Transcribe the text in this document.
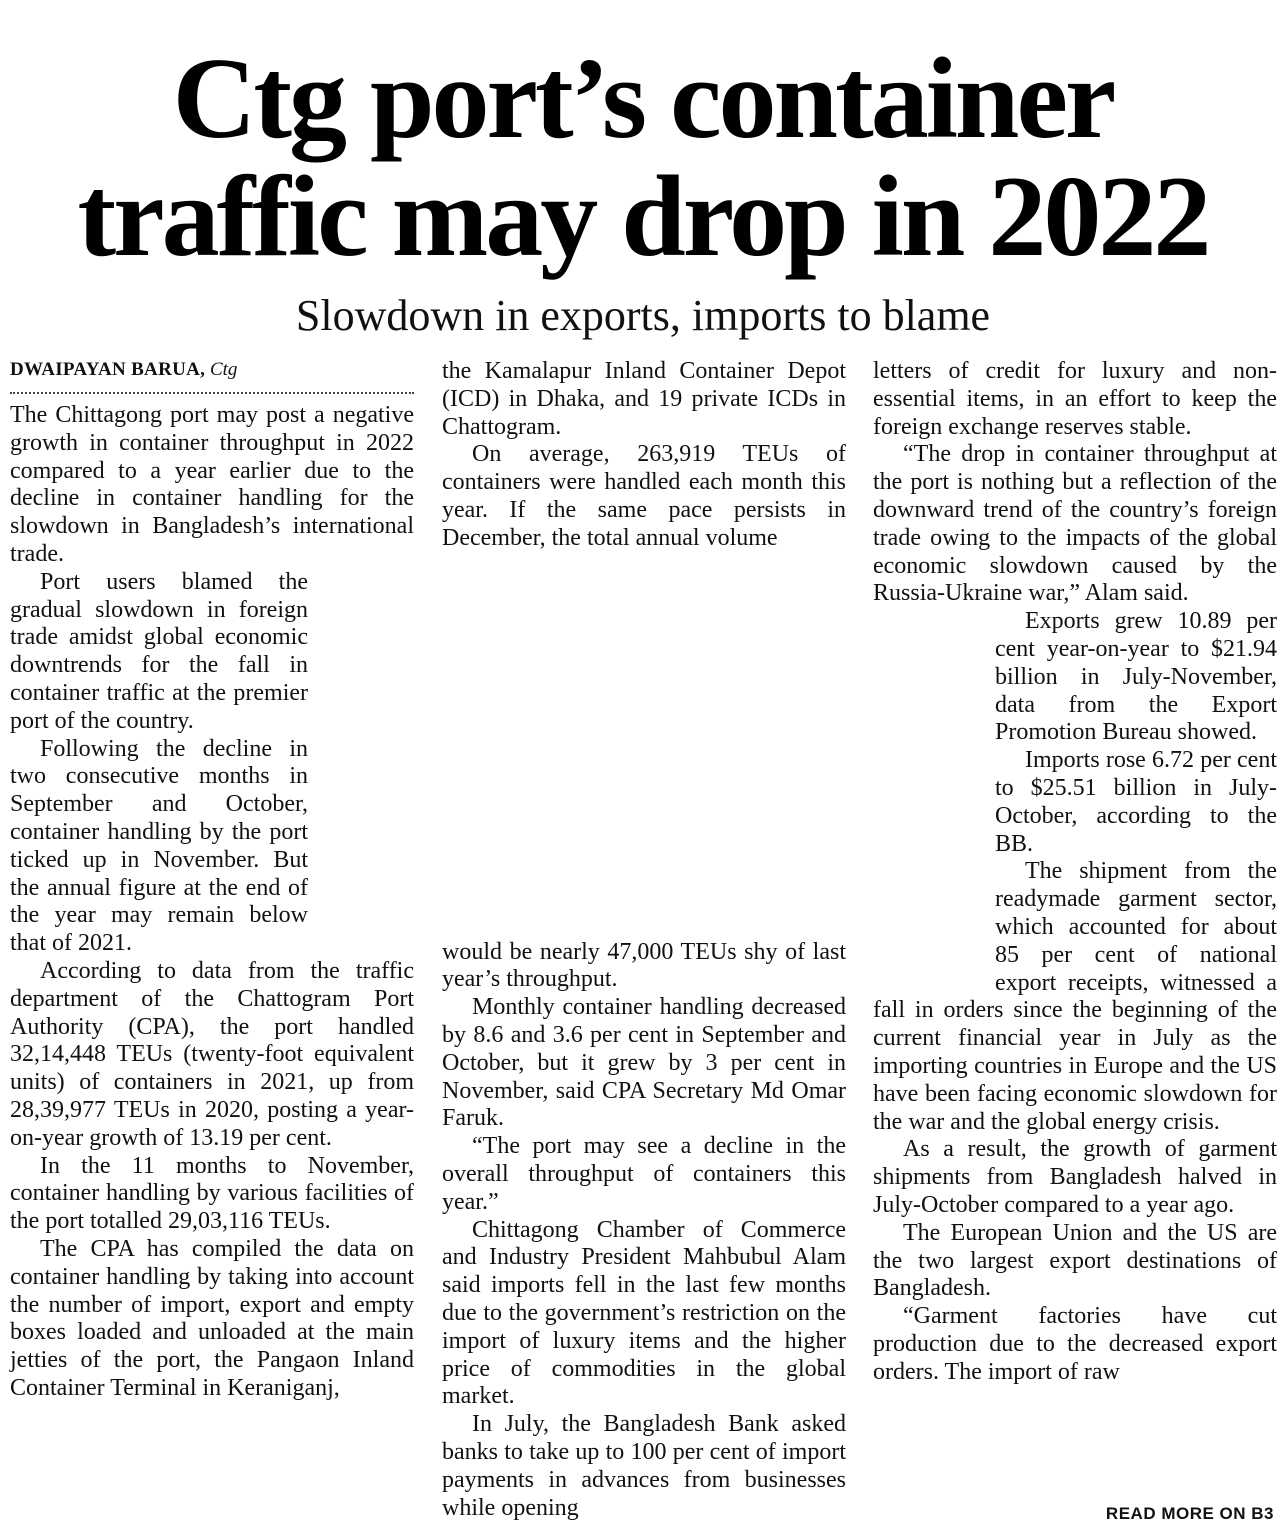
Ctg port’s container
traffic may drop in 2022
Slowdown in exports, imports to blame
DWAIPAYAN BARUA, Ctg

The Chittagong port may post a negative growth in container throughput in 2022 compared to a year earlier due to the decline in container handling for the slowdown in Bangladesh’s international trade.

Port users blamed the gradual slowdown in foreign trade amidst global economic downtrends for the fall in container traffic at the premier port of the country.

Following the decline in two consecutive months in September and October, container handling by the port ticked up in November. But the annual figure at the end of the year may remain below that of 2021.

According to data from the traffic department of the Chattogram Port Authority (CPA), the port handled 32,14,448 TEUs (twenty-foot equivalent units) of containers in 2021, up from 28,39,977 TEUs in 2020, posting a year-on-year growth of 13.19 per cent.

In the 11 months to November, container handling by various facilities of the port totalled 29,03,116 TEUs.

The CPA has compiled the data on container handling by taking into account the number of import, export and empty boxes loaded and unloaded at the main jetties of the port, the Pangaon Inland Container Terminal in Keraniganj,

the Kamalapur Inland Container Depot (ICD) in Dhaka, and 19 private ICDs in Chattogram.

On average, 263,919 TEUs of containers were handled each month this year. If the same pace persists in December, the total annual volume

would be nearly 47,000 TEUs shy of last year’s throughput.

Monthly container handling decreased by 8.6 and 3.6 per cent in September and October, but it grew by 3 per cent in November, said CPA Secretary Md Omar Faruk.

“The port may see a decline in the overall throughput of containers this year.”

Chittagong Chamber of Commerce and Industry President Mahbubul Alam said imports fell in the last few months due to the government’s restriction on the import of luxury items and the higher price of commodities in the global market.

In July, the Bangladesh Bank asked banks to take up to 100 per cent of import payments in advances from businesses while opening

letters of credit for luxury and non-essential items, in an effort to keep the foreign exchange reserves stable.

“The drop in container throughput at the port is nothing but a reflection of the downward trend of the country’s foreign trade owing to the impacts of the global economic slowdown caused by the Russia-Ukraine war,” Alam said.

Exports grew 10.89 per cent year-on-year to $21.94 billion in July-November, data from the Export Promotion Bureau showed.

Imports rose 6.72 per cent to $25.51 billion in July-October, according to the BB.

The shipment from the readymade garment sector, which accounted for about 85 per cent of national export receipts, witnessed a fall in orders since the beginning of the current financial year in July as the importing countries in Europe and the US have been facing economic slowdown for the war and the global energy crisis.

As a result, the growth of garment shipments from Bangladesh halved in July-October compared to a year ago.

The European Union and the US are the two largest export destinations of Bangladesh.

“Garment factories have cut production due to the decreased export orders. The import of raw

READ MORE ON B3
